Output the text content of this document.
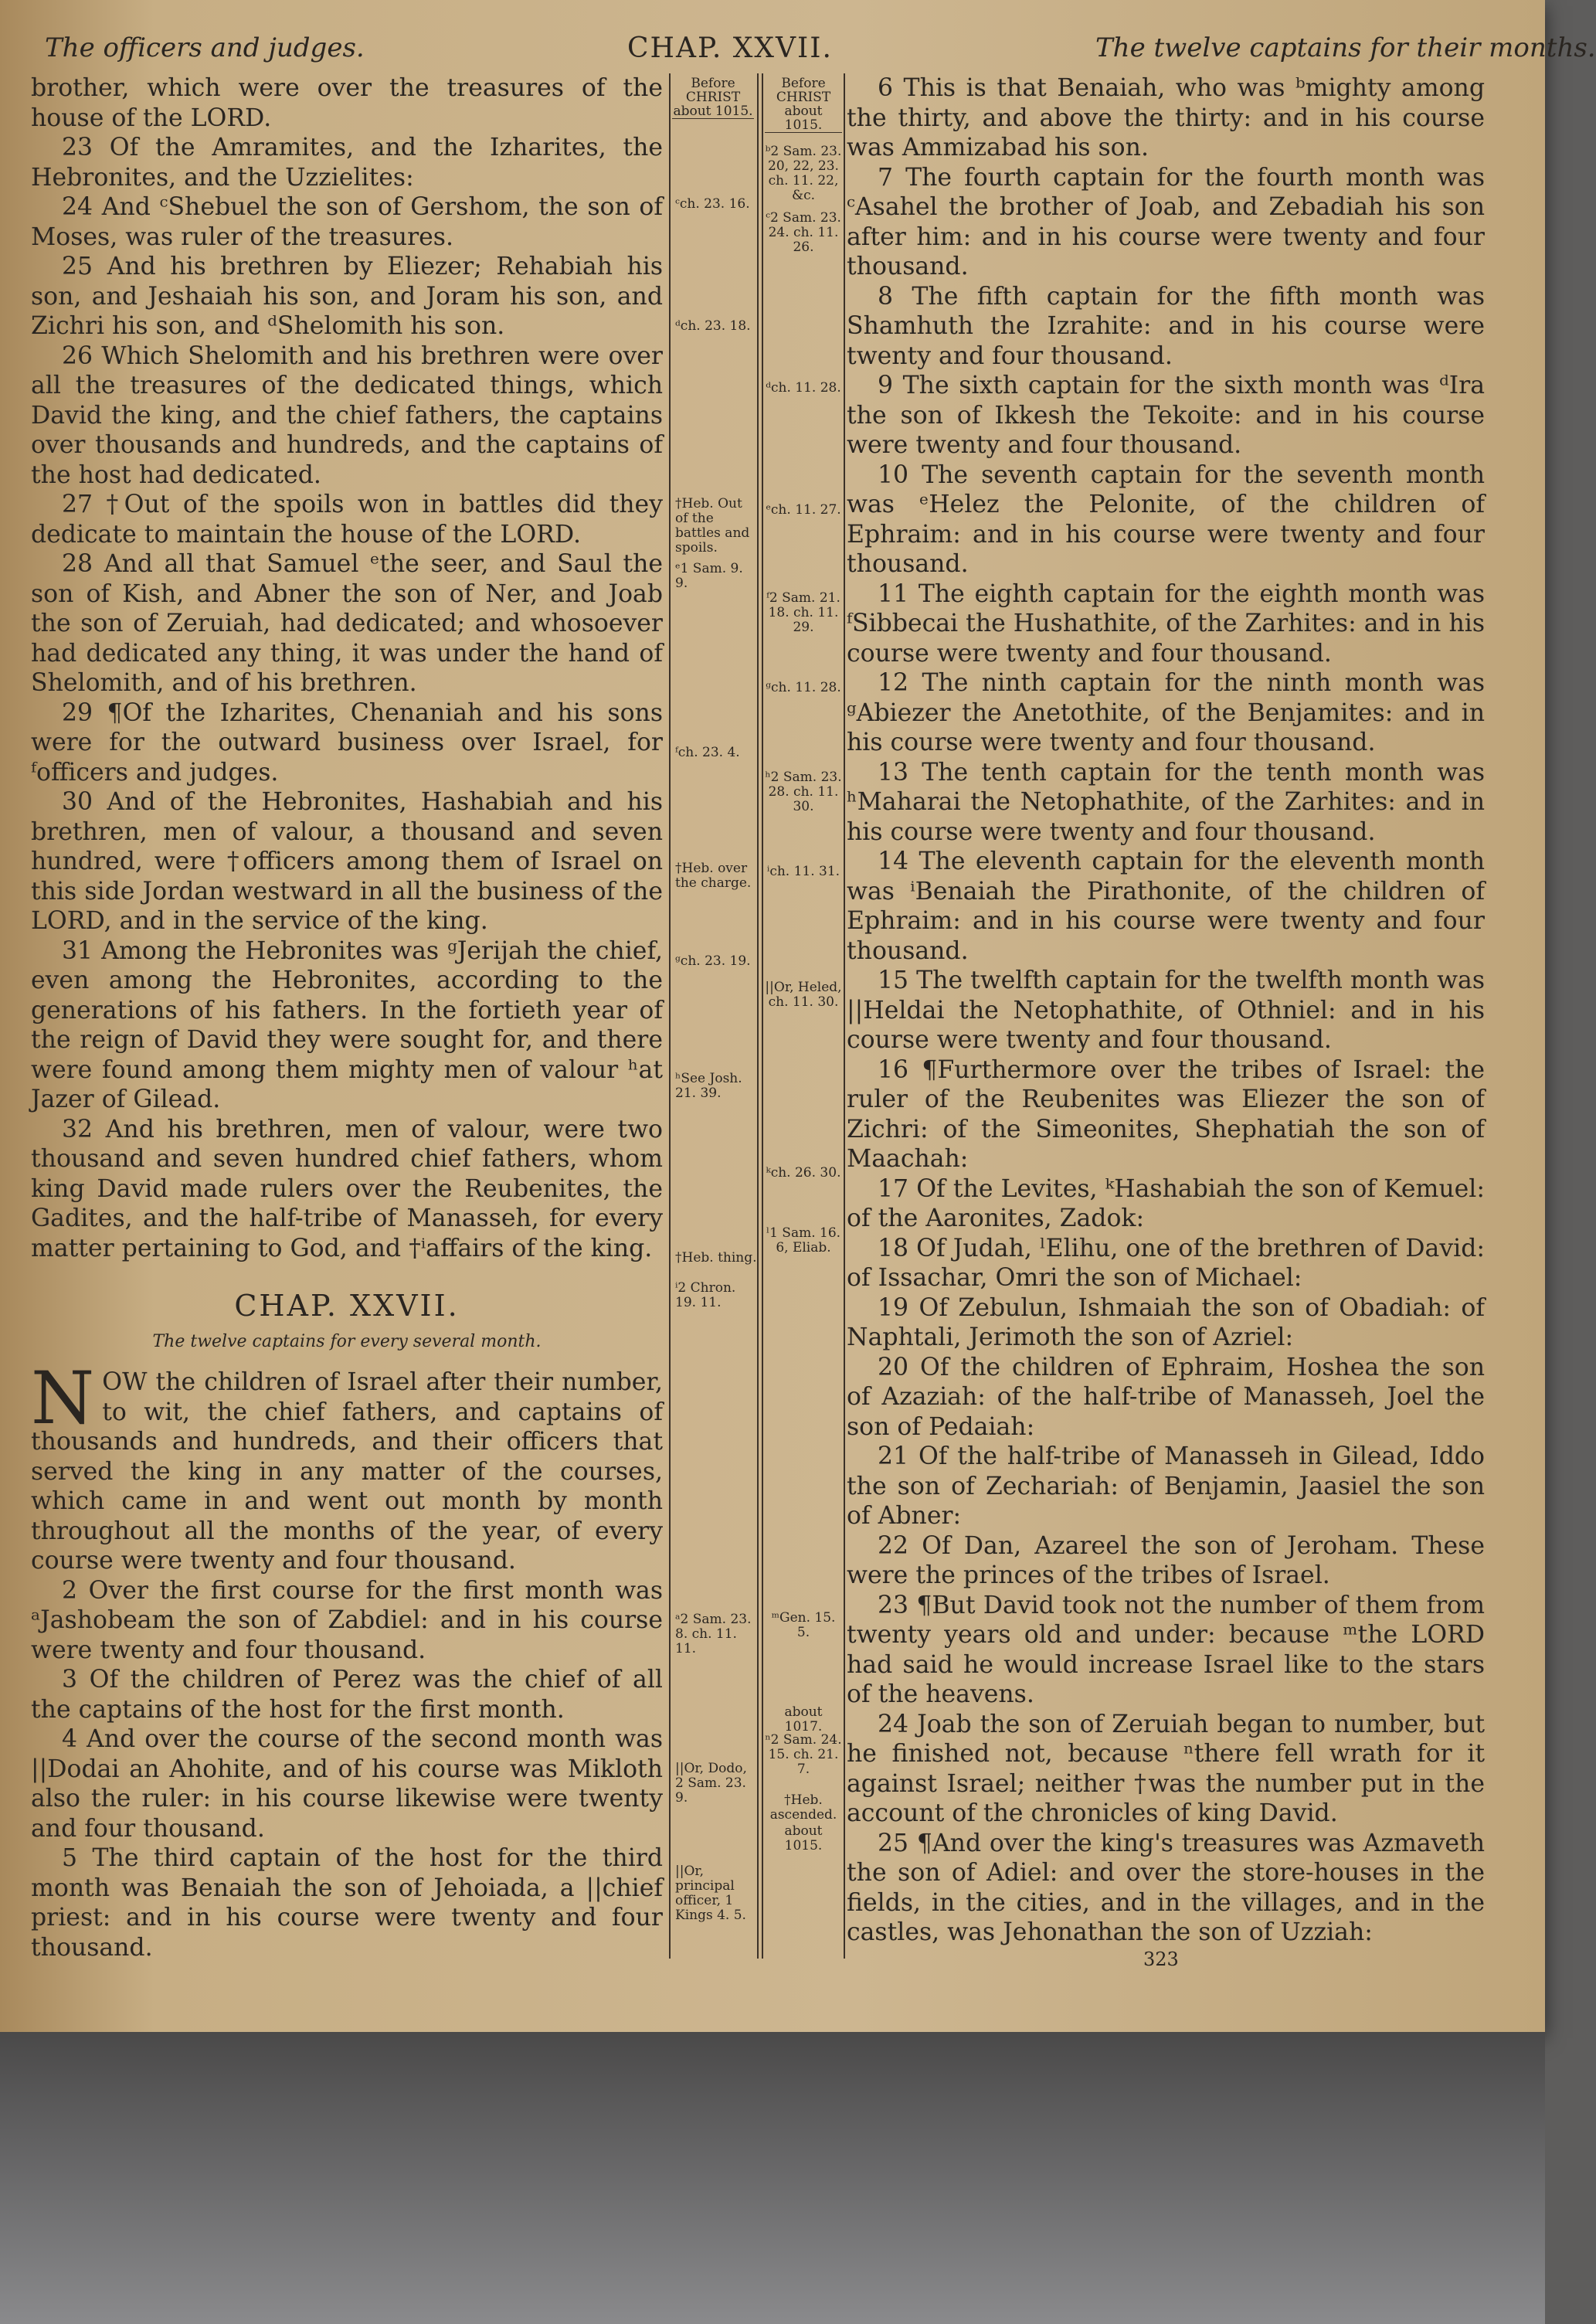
The officers and judges.	CHAP. XXVII.	The twelve captains for their months.

brother, which were over the treasures of the house of the LORD.

23 Of the Amramites, and the Izharites, the Hebronites, and the Uzzielites:

24 And ᶜShebuel the son of Gershom, the son of Moses, was ruler of the treasures.

25 And his brethren by Eliezer; Rehabiah his son, and Jeshaiah his son, and Joram his son, and Zichri his son, and ᵈShelomith his son.

26 Which Shelomith and his brethren were over all the treasures of the dedicated things, which David the king, and the chief fathers, the captains over thousands and hundreds, and the captains of the host had dedicated.

27 †Out of the spoils won in battles did they dedicate to maintain the house of the LORD.

28 And all that Samuel ᵉthe seer, and Saul the son of Kish, and Abner the son of Ner, and Joab the son of Zeruiah, had dedicated; and whosoever had dedicated any thing, it was under the hand of Shelomith, and of his brethren.

29 ¶Of the Izharites, Chenaniah and his sons were for the outward business over Israel, for ᶠofficers and judges.

30 And of the Hebronites, Hashabiah and his brethren, men of valour, a thousand and seven hundred, were †officers among them of Israel on this side Jordan westward in all the business of the LORD, and in the service of the king.

31 Among the Hebronites was ᵍJerijah the chief, even among the Hebronites, according to the generations of his fathers. In the fortieth year of the reign of David they were sought for, and there were found among them mighty men of valour ʰat Jazer of Gilead.

32 And his brethren, men of valour, were two thousand and seven hundred chief fathers, whom king David made rulers over the Reubenites, the Gadites, and the half-tribe of Manasseh, for every matter pertaining to God, and †ⁱaffairs of the king.

CHAP. XXVII.
The twelve captains for every several month.

NOW the children of Israel after their number, to wit, the chief fathers, and captains of thousands and hundreds, and their officers that served the king in any matter of the courses, which came in and went out month by month throughout all the months of the year, of every course were twenty and four thousand.

2 Over the first course for the first month was ᵃJashobeam the son of Zabdiel: and in his course were twenty and four thousand.

3 Of the children of Perez was the chief of all the captains of the host for the first month.

4 And over the course of the second month was ||Dodai an Ahohite, and of his course was Mikloth also the ruler: in his course likewise were twenty and four thousand.

5 The third captain of the host for the third month was Benaiah the son of Jehoiada, a ||chief priest: and in his course were twenty and four thousand.

Before CHRIST about 1015.
ᶜch. 23. 16.
ᵈch. 23. 18.
†Heb. Out of the battles and spoils.
ᵉ1 Sam. 9. 9.
ᶠch. 23. 4.
†Heb. over the charge.
ᵍch. 23. 19.
ʰSee Josh. 21. 39.
†Heb. thing.
ⁱ2 Chron. 19. 11.
ᵃ2 Sam. 23. 8. ch. 11. 11.
||Or, Dodo, 2 Sam. 23. 9.
||Or, principal officer, 1 Kings 4. 5.
Before CHRIST about 1015.
ᵇ2 Sam. 23. 20, 22, 23. ch. 11. 22, &c.
ᶜ2 Sam. 23. 24. ch. 11. 26.
ᵈch. 11. 28.
ᵉch. 11. 27.
ᶠ2 Sam. 21. 18. ch. 11. 29.
ᵍch. 11. 28.
ʰ2 Sam. 23. 28. ch. 11. 30.
ⁱch. 11. 31.
||Or, Heled, ch. 11. 30.
ᵏch. 26. 30.
ˡ1 Sam. 16. 6, Eliab.
ᵐGen. 15. 5.
about 1017.
ⁿ2 Sam. 24. 15. ch. 21. 7.
†Heb. ascended.
about 1015.

6 This is that Benaiah, who was ᵇmighty among the thirty, and above the thirty: and in his course was Ammizabad his son.

7 The fourth captain for the fourth month was ᶜAsahel the brother of Joab, and Zebadiah his son after him: and in his course were twenty and four thousand.

8 The fifth captain for the fifth month was Shamhuth the Izrahite: and in his course were twenty and four thousand.

9 The sixth captain for the sixth month was ᵈIra the son of Ikkesh the Tekoite: and in his course were twenty and four thousand.

10 The seventh captain for the seventh month was ᵉHelez the Pelonite, of the children of Ephraim: and in his course were twenty and four thousand.

11 The eighth captain for the eighth month was ᶠSibbecai the Hushathite, of the Zarhites: and in his course were twenty and four thousand.

12 The ninth captain for the ninth month was ᵍAbiezer the Anetothite, of the Benjamites: and in his course were twenty and four thousand.

13 The tenth captain for the tenth month was ʰMaharai the Netophathite, of the Zarhites: and in his course were twenty and four thousand.

14 The eleventh captain for the eleventh month was ⁱBenaiah the Pirathonite, of the children of Ephraim: and in his course were twenty and four thousand.

15 The twelfth captain for the twelfth month was ||Heldai the Netophathite, of Othniel: and in his course were twenty and four thousand.

16 ¶Furthermore over the tribes of Israel: the ruler of the Reubenites was Eliezer the son of Zichri: of the Simeonites, Shephatiah the son of Maachah:

17 Of the Levites, ᵏHashabiah the son of Kemuel: of the Aaronites, Zadok:

18 Of Judah, ˡElihu, one of the brethren of David: of Issachar, Omri the son of Michael:

19 Of Zebulun, Ishmaiah the son of Obadiah: of Naphtali, Jerimoth the son of Azriel:

20 Of the children of Ephraim, Hoshea the son of Azaziah: of the half-tribe of Manasseh, Joel the son of Pedaiah:

21 Of the half-tribe of Manasseh in Gilead, Iddo the son of Zechariah: of Benjamin, Jaasiel the son of Abner:

22 Of Dan, Azareel the son of Jeroham. These were the princes of the tribes of Israel.

23 ¶But David took not the number of them from twenty years old and under: because ᵐthe LORD had said he would increase Israel like to the stars of the heavens.

24 Joab the son of Zeruiah began to number, but he finished not, because ⁿthere fell wrath for it against Israel; neither †was the number put in the account of the chronicles of king David.

25 ¶And over the king's treasures was Azmaveth the son of Adiel: and over the store-houses in the fields, in the cities, and in the villages, and in the castles, was Jehonathan the son of Uzziah:

323
